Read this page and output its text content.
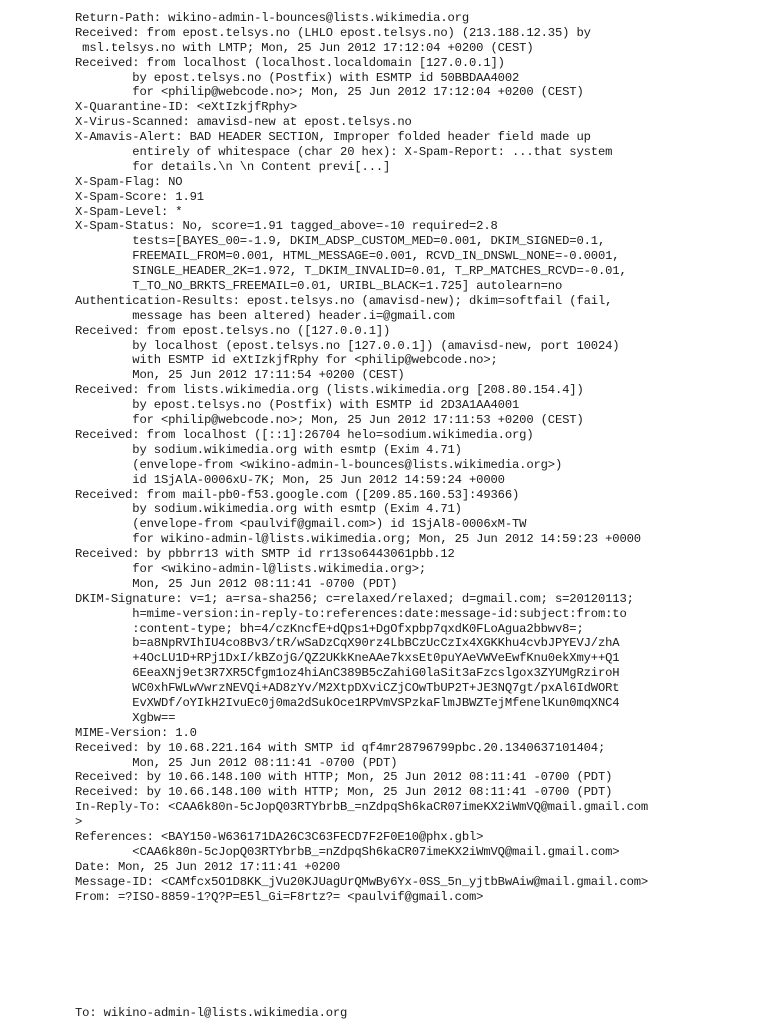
Return-Path: wikino-admin-l-bounces@lists.wikimedia.org
Received: from epost.telsys.no (LHLO epost.telsys.no) (213.188.12.35) by
msl.telsys.no with LMTP; Mon, 25 Jun 2012 17:12:04 +0200 (CEST)
Received: from localhost (localhost.localdomain [127.0.0.1])
by epost.telsys.no (Postfix) with ESMTP id 50BBDAA4002
for <philip@webcode.no>; Mon, 25 Jun 2012 17:12:04 +0200 (CEST)
X-Quarantine-ID: <eXtIzkjfRphy>
X-Virus-Scanned: amavisd-new at epost.telsys.no
X-Amavis-Alert: BAD HEADER SECTION, Improper folded header field made up
entirely of whitespace (char 20 hex): X-Spam-Report: ...that system
for details.\n \n Content previ[...]
X-Spam-Flag: NO
X-Spam-Score: 1.91
X-Spam-Level: *
X-Spam-Status: No, score=1.91 tagged_above=-10 required=2.8
tests=[BAYES_00=-1.9, DKIM_ADSP_CUSTOM_MED=0.001, DKIM_SIGNED=0.1,
FREEMAIL_FROM=0.001, HTML_MESSAGE=0.001, RCVD_IN_DNSWL_NONE=-0.0001,
SINGLE_HEADER_2K=1.972, T_DKIM_INVALID=0.01, T_RP_MATCHES_RCVD=-0.01,
T_TO_NO_BRKTS_FREEMAIL=0.01, URIBL_BLACK=1.725] autolearn=no
Authentication-Results: epost.telsys.no (amavisd-new); dkim=softfail (fail,
message has been altered) header.i=@gmail.com
Received: from epost.telsys.no ([127.0.0.1])
by localhost (epost.telsys.no [127.0.0.1]) (amavisd-new, port 10024)
with ESMTP id eXtIzkjfRphy for <philip@webcode.no>;
Mon, 25 Jun 2012 17:11:54 +0200 (CEST)
Received: from lists.wikimedia.org (lists.wikimedia.org [208.80.154.4])
by epost.telsys.no (Postfix) with ESMTP id 2D3A1AA4001
for <philip@webcode.no>; Mon, 25 Jun 2012 17:11:53 +0200 (CEST)
Received: from localhost ([::1]:26704 helo=sodium.wikimedia.org)
by sodium.wikimedia.org with esmtp (Exim 4.71)
(envelope-from <wikino-admin-l-bounces@lists.wikimedia.org>)
id 1SjAlA-0006xU-7K; Mon, 25 Jun 2012 14:59:24 +0000
Received: from mail-pb0-f53.google.com ([209.85.160.53]:49366)
by sodium.wikimedia.org with esmtp (Exim 4.71)
(envelope-from <paulvif@gmail.com>) id 1SjAl8-0006xM-TW
for wikino-admin-l@lists.wikimedia.org; Mon, 25 Jun 2012 14:59:23 +0000
Received: by pbbrr13 with SMTP id rr13so6443061pbb.12
for <wikino-admin-l@lists.wikimedia.org>;
Mon, 25 Jun 2012 08:11:41 -0700 (PDT)
DKIM-Signature: v=1; a=rsa-sha256; c=relaxed/relaxed; d=gmail.com; s=20120113;
h=mime-version:in-reply-to:references:date:message-id:subject:from:to
:content-type; bh=4/czKncfE+dQps1+DgOfxpbp7qxdK0FLoAgua2bbwv8=;
b=a8NpRVIhIU4co8Bv3/tR/wSaDzCqX90rz4LbBCzUcCzIx4XGKKhu4cvbJPYEVJ/zhA
+4OcLU1D+RPj1DxI/kBZojG/QZ2UKkKneAAe7kxsEt0puYAeVWVeEwfKnu0ekXmy++Q1
6EeaXNj9et3R7XR5Cfgm1oz4hiAnC389B5cZahiG0laSit3aFzcslgox3ZYUMgRziroH
WC0xhFWLwVwrzNEVQi+AD8zYv/M2XtpDXviCZjCOwTbUP2T+JE3NQ7gt/pxAl6IdWORt
EvXWDf/oYIkH2IvuEc0j0ma2dSukOce1RPVmVSPzkaFlmJBWZTejMfenelKun0mqXNC4
Xgbw==
MIME-Version: 1.0
Received: by 10.68.221.164 with SMTP id qf4mr28796799pbc.20.1340637101404;
Mon, 25 Jun 2012 08:11:41 -0700 (PDT)
Received: by 10.66.148.100 with HTTP; Mon, 25 Jun 2012 08:11:41 -0700 (PDT)
Received: by 10.66.148.100 with HTTP; Mon, 25 Jun 2012 08:11:41 -0700 (PDT)
In-Reply-To: <CAA6k80n-5cJopQ03RTYbrbB_=nZdpqSh6kaCR07imeKX2iWmVQ@mail.gmail.com
>
References: <BAY150-W636171DA26C3C63FECD7F2F0E10@phx.gbl>
<CAA6k80n-5cJopQ03RTYbrbB_=nZdpqSh6kaCR07imeKX2iWmVQ@mail.gmail.com>
Date: Mon, 25 Jun 2012 17:11:41 +0200
Message-ID: <CAMfcx5O1D8KK_jVu20KJUagUrQMwBy6Yx-0SS_5n_yjtbBwAiw@mail.gmail.com>
From: =?ISO-8859-1?Q?P=E5l_Gi=F8rtz?= <paulvif@gmail.com>
To: wikino-admin-l@lists.wikimedia.org
